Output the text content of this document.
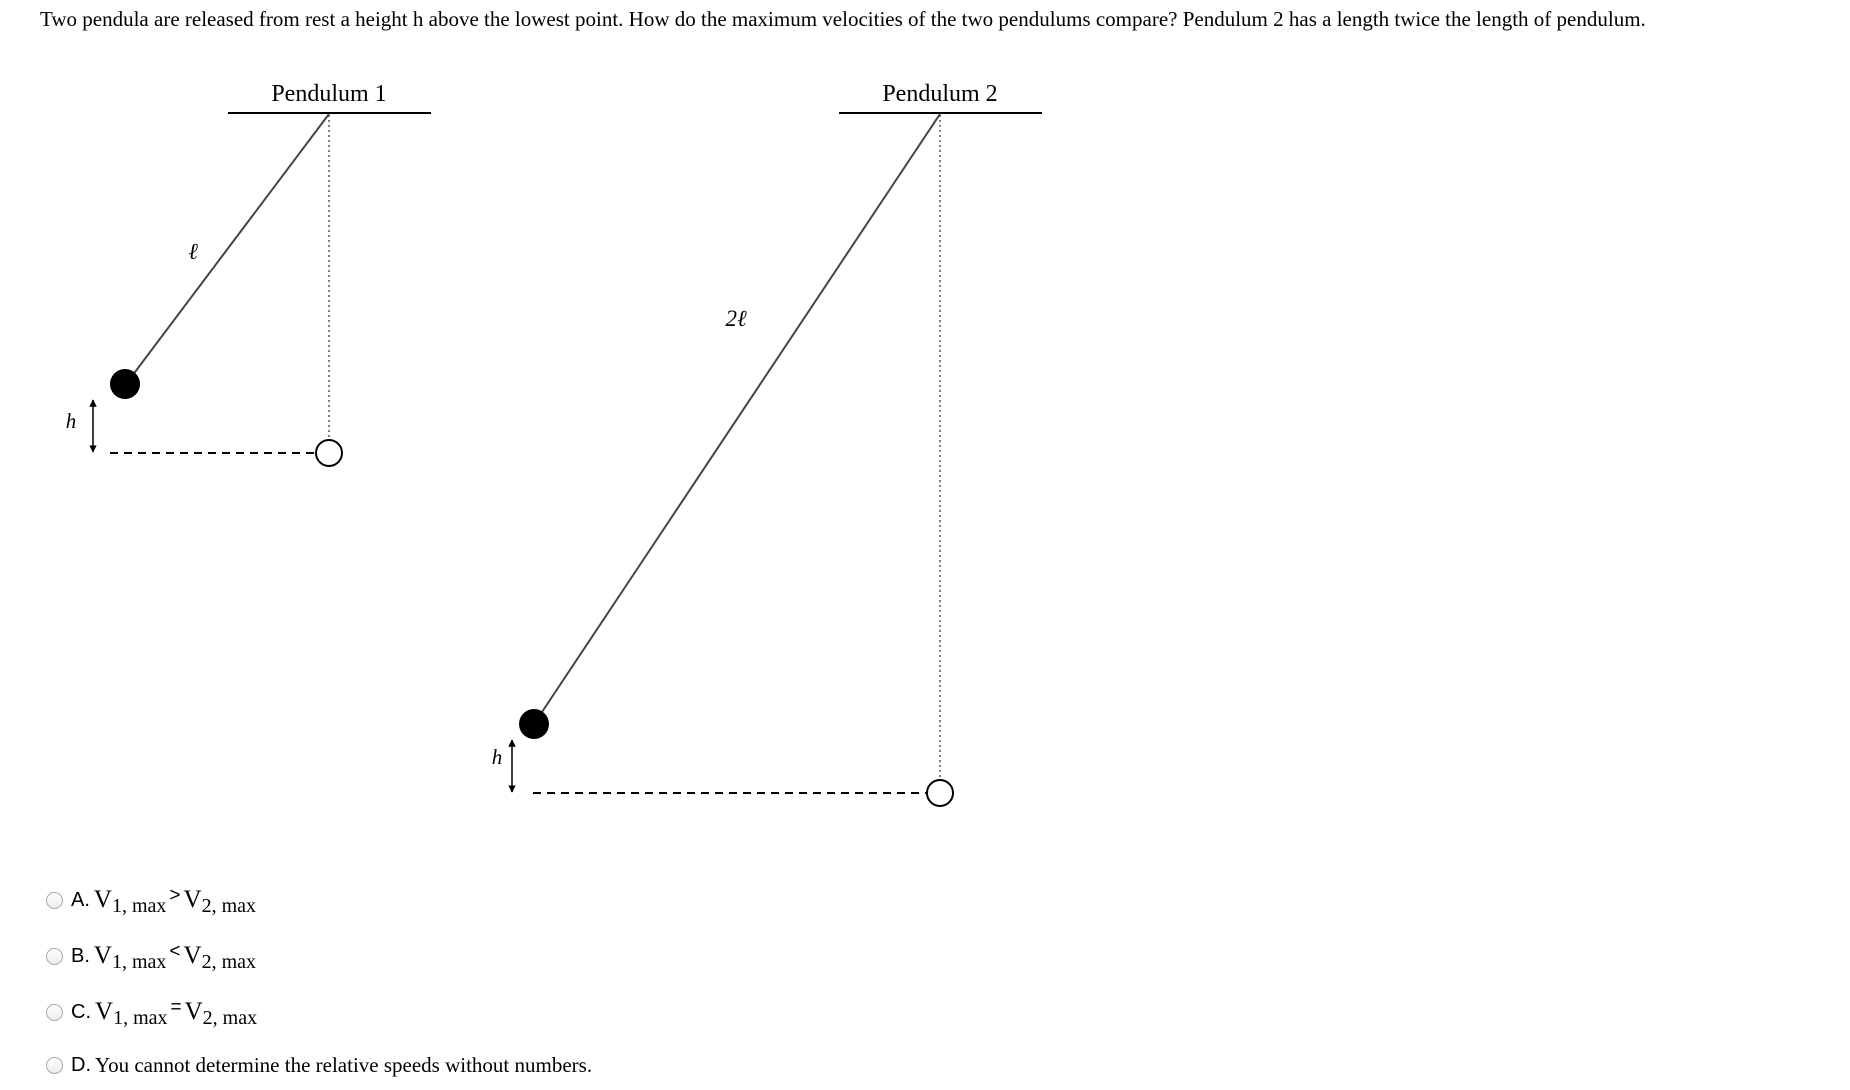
Two pendula are released from rest a height h above the lowest point. How do the maximum velocities of the two pendulums compare? Pendulum 2 has a length twice the length of pendulum.
Pendulum 1
h
ℓ
Pendulum 2
h
2ℓ
A. V1, max > V2, max
B. V1, max < V2, max
C. V1, max = V2, max
D. You cannot determine the relative speeds without numbers.
